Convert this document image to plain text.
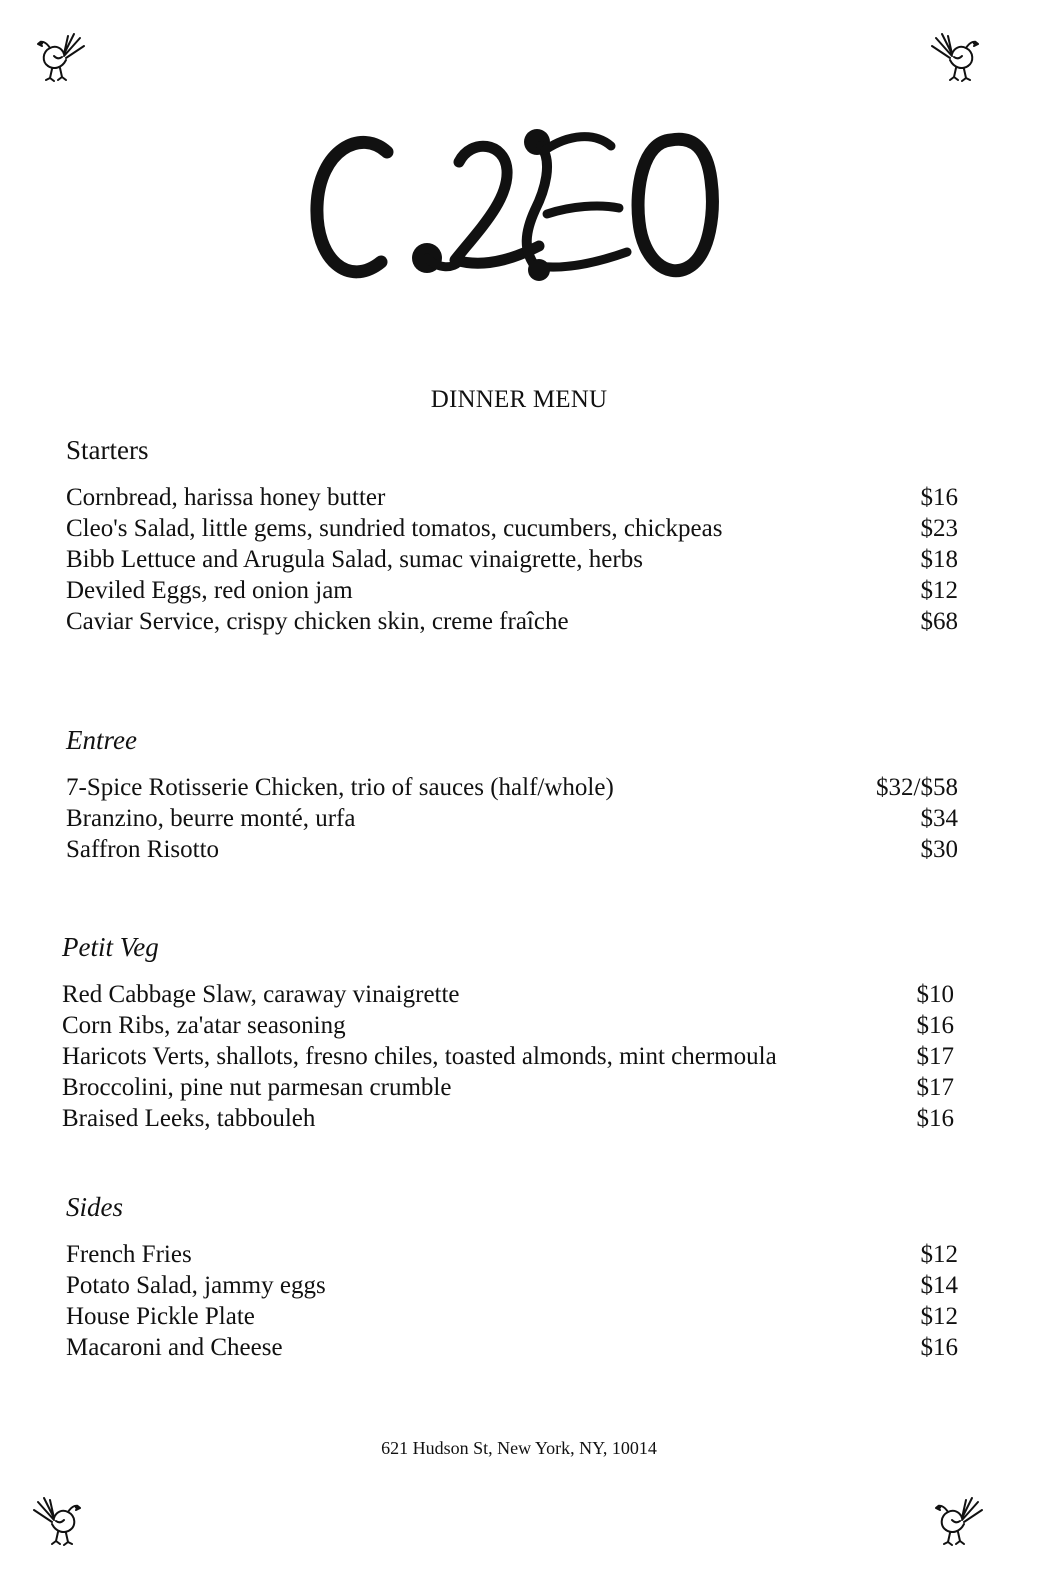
DINNER MENU
Starters
Cornbread, harissa honey butter	$16
Cleo's Salad, little gems, sundried tomatos, cucumbers, chickpeas	$23
Bibb Lettuce and Arugula Salad, sumac vinaigrette, herbs	$18
Deviled Eggs, red onion jam	$12
Caviar Service, crispy chicken skin, creme fraîche	$68
Entree
7-Spice Rotisserie Chicken, trio of sauces (half/whole)	$32/$58
Branzino, beurre monté, urfa	$34
Saffron Risotto	$30
Petit Veg
Red Cabbage Slaw, caraway vinaigrette	$10
Corn Ribs, za'atar seasoning	$16
Haricots Verts, shallots, fresno chiles, toasted almonds, mint chermoula	$17
Broccolini, pine nut parmesan crumble	$17
Braised Leeks, tabbouleh	$16
Sides
French Fries	$12
Potato Salad, jammy eggs	$14
House Pickle Plate	$12
Macaroni and Cheese	$16
621 Hudson St, New York, NY, 10014
